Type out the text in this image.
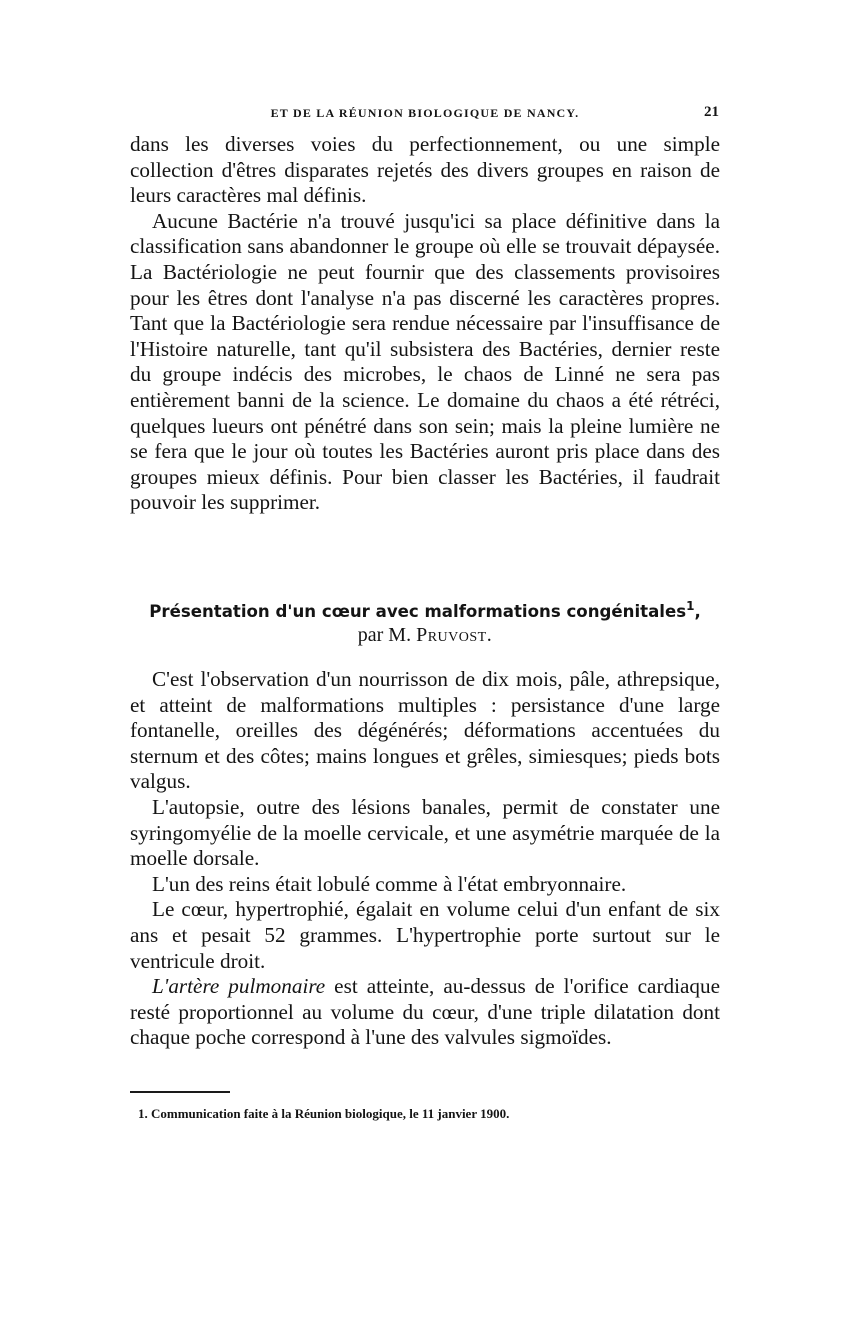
ET DE LA RÉUNION BIOLOGIQUE DE NANCY.	21

dans les diverses voies du perfectionnement, ou une simple collection d'êtres disparates rejetés des divers groupes en raison de leurs caractères mal définis.

Aucune Bactérie n'a trouvé jusqu'ici sa place définitive dans la classification sans abandonner le groupe où elle se trouvait dépaysée. La Bactériologie ne peut fournir que des classements provisoires pour les êtres dont l'analyse n'a pas discerné les caractères propres. Tant que la Bactériologie sera rendue nécessaire par l'insuffisance de l'Histoire naturelle, tant qu'il subsistera des Bactéries, dernier reste du groupe indécis des microbes, le chaos de Linné ne sera pas entièrement banni de la science. Le domaine du chaos a été rétréci, quelques lueurs ont pénétré dans son sein; mais la pleine lumière ne se fera que le jour où toutes les Bactéries auront pris place dans des groupes mieux définis. Pour bien classer les Bactéries, il faudrait pouvoir les supprimer.

Présentation d'un cœur avec malformations congénitales$^1$,
par M. Pruvost.

C'est l'observation d'un nourrisson de dix mois, pâle, athrepsique, et atteint de malformations multiples : persistance d'une large fontanelle, oreilles des dégénérés; déformations accentuées du sternum et des côtes; mains longues et grêles, simiesques; pieds bots valgus.

L'autopsie, outre des lésions banales, permit de constater une syringomyélie de la moelle cervicale, et une asymétrie marquée de la moelle dorsale.

L'un des reins était lobulé comme à l'état embryonnaire.

Le cœur, hypertrophié, égalait en volume celui d'un enfant de six ans et pesait 52 grammes. L'hypertrophie porte surtout sur le ventricule droit.

L'artère pulmonaire est atteinte, au-dessus de l'orifice cardiaque resté proportionnel au volume du cœur, d'une triple dilatation dont chaque poche correspond à l'une des valvules sigmoïdes.

1. Communication faite à la Réunion biologique, le 11 janvier 1900.
